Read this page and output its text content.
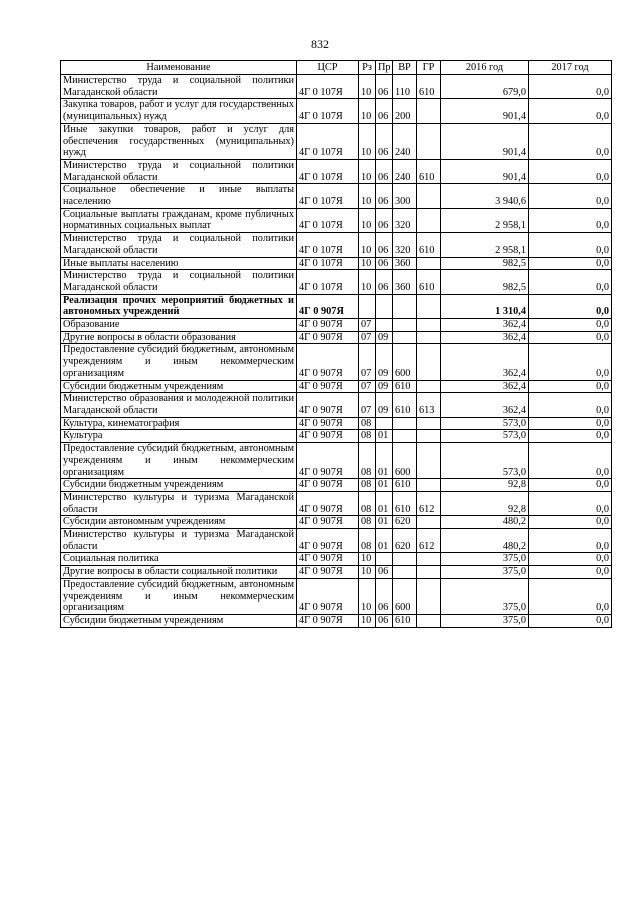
832
Наименование	ЦСР	Рз	Пр	ВР	ГР	2016 год	2017 год
Министерство труда и социальной политики Магаданской области	4Г 0 107Я	10	06	110	610	679,0	0,0
Закупка товаров, работ и услуг для государственных (муниципальных) нужд	4Г 0 107Я	10	06	200		901,4	0,0
Иные закупки товаров, работ и услуг для обеспечения государственных (муниципальных) нужд	4Г 0 107Я	10	06	240		901,4	0,0
Министерство труда и социальной политики Магаданской области	4Г 0 107Я	10	06	240	610	901,4	0,0
Социальное обеспечение и иные выплаты населению	4Г 0 107Я	10	06	300		3 940,6	0,0
Социальные выплаты гражданам, кроме публичных нормативных социальных выплат	4Г 0 107Я	10	06	320		2 958,1	0,0
Министерство труда и социальной политики Магаданской области	4Г 0 107Я	10	06	320	610	2 958,1	0,0
Иные выплаты населению	4Г 0 107Я	10	06	360		982,5	0,0
Министерство труда и социальной политики Магаданской области	4Г 0 107Я	10	06	360	610	982,5	0,0
Реализация прочих мероприятий бюджетных и автономных учреждений	4Г 0 907Я					1 310,4	0,0
Образование	4Г 0 907Я	07				362,4	0,0
Другие вопросы в области образования	4Г 0 907Я	07	09			362,4	0,0
Предоставление субсидий бюджетным, автономным учреждениям и иным некоммерческим организациям	4Г 0 907Я	07	09	600		362,4	0,0
Субсидии бюджетным учреждениям	4Г 0 907Я	07	09	610		362,4	0,0
Министерство образования и молодежной политики Магаданской области	4Г 0 907Я	07	09	610	613	362,4	0,0
Культура, кинематография	4Г 0 907Я	08				573,0	0,0
Культура	4Г 0 907Я	08	01			573,0	0,0
Предоставление субсидий бюджетным, автономным учреждениям и иным некоммерческим организациям	4Г 0 907Я	08	01	600		573,0	0,0
Субсидии бюджетным учреждениям	4Г 0 907Я	08	01	610		92,8	0,0
Министерство культуры и туризма Магаданской области	4Г 0 907Я	08	01	610	612	92,8	0,0
Субсидии автономным учреждениям	4Г 0 907Я	08	01	620		480,2	0,0
Министерство культуры и туризма Магаданской области	4Г 0 907Я	08	01	620	612	480,2	0,0
Социальная политика	4Г 0 907Я	10				375,0	0,0
Другие вопросы в области социальной политики	4Г 0 907Я	10	06			375,0	0,0
Предоставление субсидий бюджетным, автономным учреждениям и иным некоммерческим организациям	4Г 0 907Я	10	06	600		375,0	0,0
Субсидии бюджетным учреждениям	4Г 0 907Я	10	06	610		375,0	0,0
